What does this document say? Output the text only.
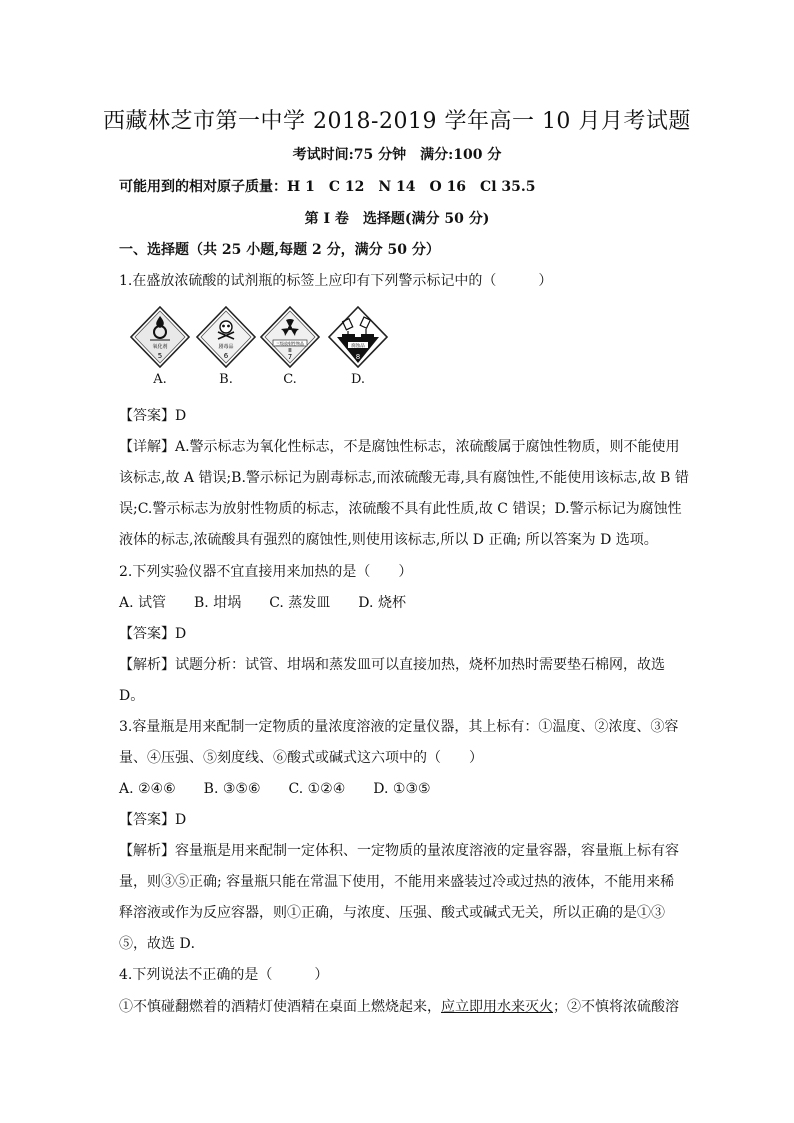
西藏林芝市第一中学 2018-2019 学年高一 10 月月考试题
考试时间:75 分钟　满分:100 分
可能用到的相对原子质量：H 1　C 12　N 14　O 16　Cl 35.5
第 I 卷　选择题(满分 50 分)
一、选择题（共 25 小题,每题 2 分，满分 50 分）
1.在盛放浓硫酸的试剂瓶的标签上应印有下列警示标记中的（　　　）
氧化剂
5
A.
剧毒品
6
B.
三级放射性物品
Ⅲ
7
C.
腐蚀品
8
D.
【答案】D
【详解】A.警示标志为氧化性标志，不是腐蚀性标志，浓硫酸属于腐蚀性物质，则不能使用
该标志,故 A 错误;B.警示标记为剧毒标志,而浓硫酸无毒,具有腐蚀性,不能使用该标志,故 B 错
误;C.警示标志为放射性物质的标志，浓硫酸不具有此性质,故 C 错误；D.警示标记为腐蚀性
液体的标志,浓硫酸具有强烈的腐蚀性,则使用该标志,所以 D 正确; 所以答案为 D 选项。
2.下列实验仪器不宜直接用来加热的是（　　）
A. 试管　　B. 坩埚　　C. 蒸发皿　　D. 烧杯
【答案】D
【解析】试题分析：试管、坩埚和蒸发皿可以直接加热，烧杯加热时需要垫石棉网，故选
D。
3.容量瓶是用来配制一定物质的量浓度溶液的定量仪器，其上标有：①温度、②浓度、③容
量、④压强、⑤刻度线、⑥酸式或碱式这六项中的（　　）
A. ②④⑥　　B. ③⑤⑥　　C. ①②④　　D. ①③⑤
【答案】D
【解析】容量瓶是用来配制一定体积、一定物质的量浓度溶液的定量容器，容量瓶上标有容
量，则③⑤正确; 容量瓶只能在常温下使用，不能用来盛装过冷或过热的液体，不能用来稀
释溶液或作为反应容器，则①正确，与浓度、压强、酸式或碱式无关，所以正确的是①③
⑤，故选 D．
4.下列说法不正确的是（　　　）
①不慎碰翻燃着的酒精灯使酒精在桌面上燃烧起来，应立即用水来灭火；②不慎将浓硫酸溶
